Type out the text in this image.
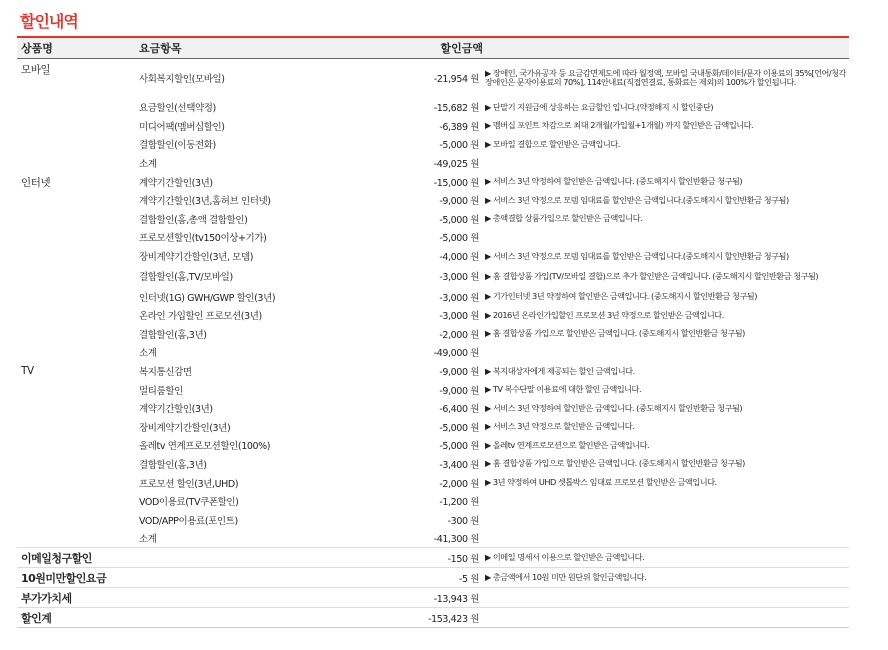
할인내역
상품명	요금항목	할인금액	
모바일	사회복지할인(모바일)	-21,954 원	▶ 장애인, 국가유공자 등 요금감면제도에 따라 월정액, 모바일 국내통화/데이터/문자 이용료의 35%[언어/청각장애인은 문자이용료의 70%], 114안내료(직접연결료, 통화료는 제외)의 100%가 할인됩니다.
	요금할인(선택약정)	-15,682 원	▶ 단말기 지원금에 상응하는 요금할인 입니다.(약정해지 시 할인중단)
	미디어팩(멤버십할인)	-6,389 원	▶ 멤버십 포인트 차감으로 최대 2개월(가입월+1개월) 까지 할인받은 금액입니다.
	결합할인(이동전화)	-5,000 원	▶ 모바일 결합으로 할인받은 금액입니다.
	소계	-49,025 원	
인터넷	계약기간할인(3년)	-15,000 원	▶ 서비스 3년 약정하여 할인받은 금액입니다. (중도해지시 할인반환금 청구됨)
	계약기간할인(3년,홈허브 인터넷)	-9,000 원	▶ 서비스 3년 약정으로 모뎀 임대료를 할인받은 금액입니다.(중도해지시 할인반환금 청구됨)
	결합할인(홈,총액 결합할인)	-5,000 원	▶ 총액결합 상품가입으로 할인받은 금액입니다.
	프로모션할인(tv150이상+기가)	-5,000 원	
	장비계약기간할인(3년, 모뎀)	-4,000 원	▶ 서비스 3년 약정으로 모뎀 임대료를 할인받은 금액입니다.(중도해지시 할인반환금 청구됨)
	결합할인(홈,TV/모바일)	-3,000 원	▶ 홈 결합상품 가입(TV/모바일 결합)으로 추가 할인받은 금액입니다. (중도해지시 할인반환금 청구됨)
	인터넷(1G) GWH/GWP 할인(3년)	-3,000 원	▶ 기가인터넷 3년 약정하여 할인받은 금액입니다. (중도해지시 할인반환금 청구됨)
	온라인 가입할인 프로모션(3년)	-3,000 원	▶ 2016년 온라인가입할인 프로모션 3년 약정으로 할인받은 금액입니다.
	결합할인(홈,3년)	-2,000 원	▶ 홈 결합상품 가입으로 할인받은 금액입니다. (중도해지시 할인반환금 청구됨)
	소계	-49,000 원	
TV	복지통신감면	-9,000 원	▶ 복지대상자에게 제공되는 할인 금액입니다.
	멀티룸할인	-9,000 원	▶ TV 복수단말 이용료에 대한 할인 금액입니다.
	계약기간할인(3년)	-6,400 원	▶ 서비스 3년 약정하여 할인받은 금액입니다. (중도해지시 할인반환금 청구됨)
	장비계약기간할인(3년)	-5,000 원	▶ 서비스 3년 약정으로 할인받은 금액입니다.
	올레tv 연계프로모션할인(100%)	-5,000 원	▶ 올레tv 연계프로모션으로 할인받은 금액입니다.
	결합할인(홈,3년)	-3,400 원	▶ 홈 결합상품 가입으로 할인받은 금액입니다. (중도해지시 할인반환금 청구됨)
	프로모션 할인(3년,UHD)	-2,000 원	▶ 3년 약정하여 UHD 셋톱박스 임대료 프로모션 할인받은 금액입니다.
	VOD이용료(TV쿠폰할인)	-1,200 원	
	VOD/APP이용료(포인트)	-300 원	
	소계	-41,300 원	
이메일청구할인		-150 원	▶ 이메일 명세서 이용으로 할인받은 금액입니다.
10원미만할인요금		-5 원	▶ 총금액에서 10원 미만 원단위 할인금액입니다.
부가가치세		-13,943 원	
할인계		-153,423 원	
